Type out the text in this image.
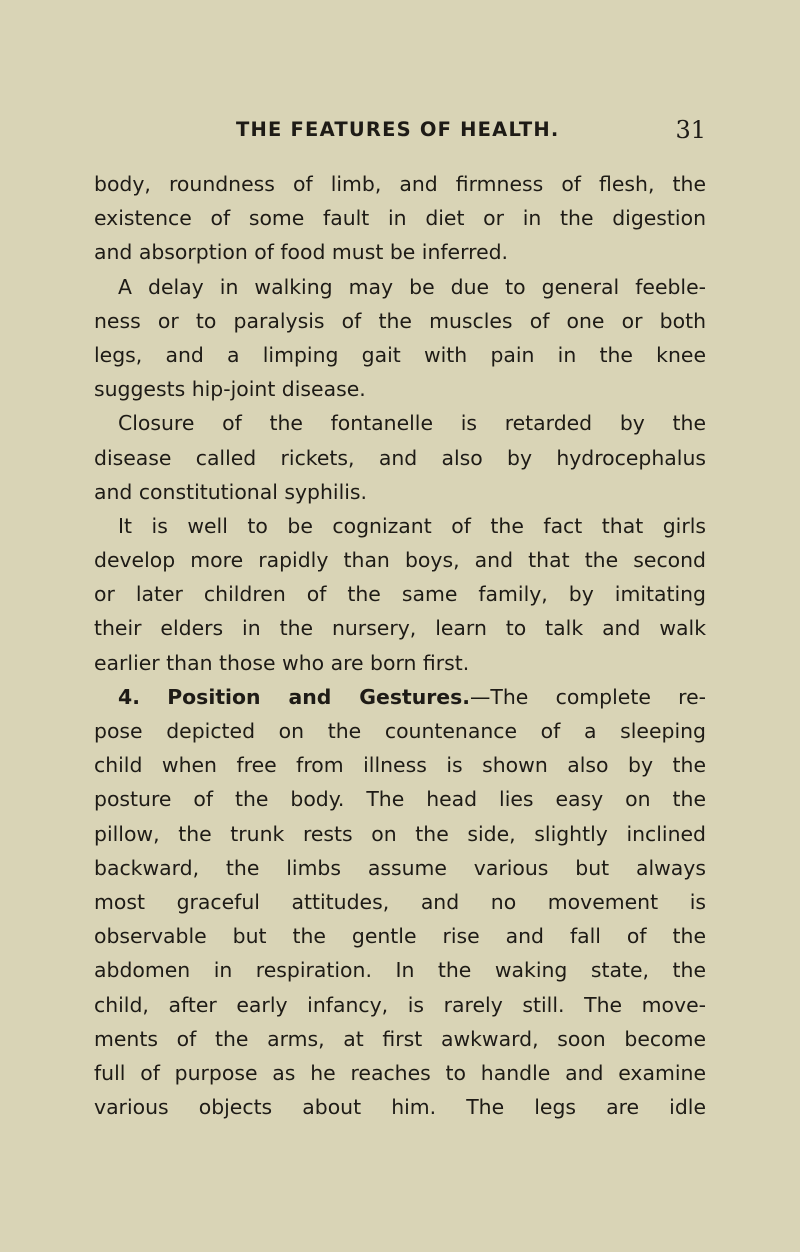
THE FEATURES OF HEALTH.	31
body, roundness of limb, and firmness of flesh, the
existence of some fault in diet or in the digestion
and absorption of food must be inferred.
A delay in walking may be due to general feeble-
ness or to paralysis of the muscles of one or both
legs, and a limping gait with pain in the knee
suggests hip-joint disease.
Closure of the fontanelle is retarded by the
disease called rickets, and also by hydrocephalus
and constitutional syphilis.
It is well to be cognizant of the fact that girls
develop more rapidly than boys, and that the second
or later children of the same family, by imitating
their elders in the nursery, learn to talk and walk
earlier than those who are born first.
4. Position and Gestures.—The complete re-
pose depicted on the countenance of a sleeping
child when free from illness is shown also by the
posture of the body. The head lies easy on the
pillow, the trunk rests on the side, slightly inclined
backward, the limbs assume various but always
most graceful attitudes, and no movement is
observable but the gentle rise and fall of the
abdomen in respiration. In the waking state, the
child, after early infancy, is rarely still. The move-
ments of the arms, at first awkward, soon become
full of purpose as he reaches to handle and examine
various objects about him. The legs are idle
